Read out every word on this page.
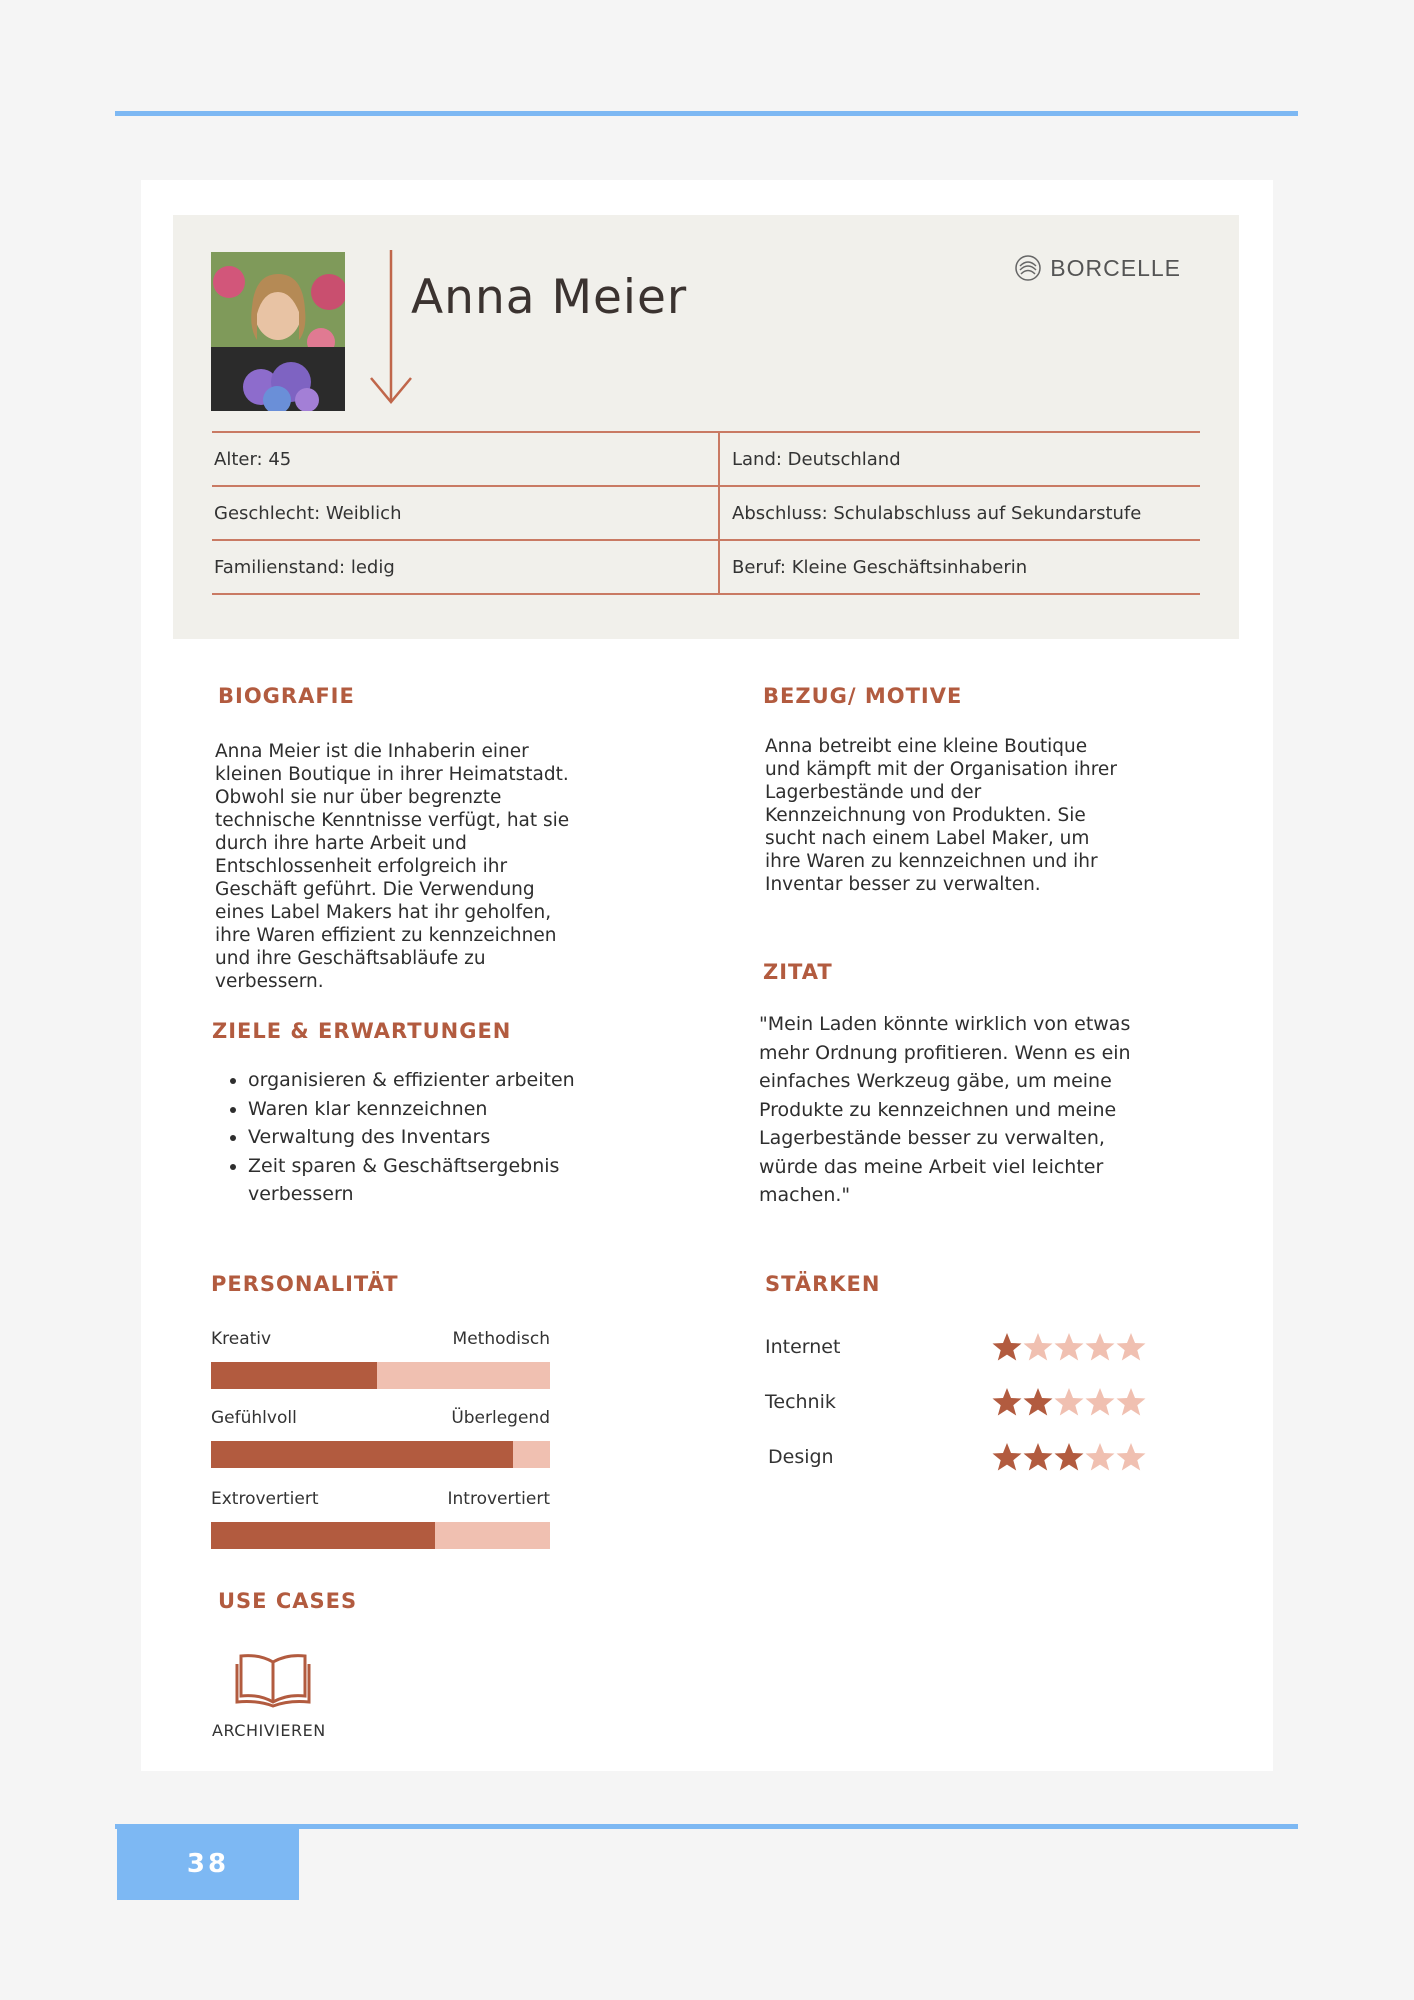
Anna Meier
BORCELLE
Alter: 45	Land: Deutschland
Geschlecht: Weiblich	Abschluss: Schulabschluss auf Sekundarstufe
Familienstand: ledig	Beruf: Kleine Geschäftsinhaberin
BIOGRAFIE
Anna Meier ist die Inhaberin einer
kleinen Boutique in ihrer Heimatstadt.
Obwohl sie nur über begrenzte
technische Kenntnisse verfügt, hat sie
durch ihre harte Arbeit und
Entschlossenheit erfolgreich ihr
Geschäft geführt. Die Verwendung
eines Label Makers hat ihr geholfen,
ihre Waren effizient zu kennzeichnen
und ihre Geschäftsabläufe zu
verbessern.
BEZUG/ MOTIVE
Anna betreibt eine kleine Boutique
und kämpft mit der Organisation ihrer
Lagerbestände und der
Kennzeichnung von Produkten. Sie
sucht nach einem Label Maker, um
ihre Waren zu kennzeichnen und ihr
Inventar besser zu verwalten.
ZIELE & ERWARTUNGEN
• organisieren & effizienter arbeiten
• Waren klar kennzeichnen
• Verwaltung des Inventars
• Zeit sparen & Geschäftsergebnis verbessern
ZITAT
"Mein Laden könnte wirklich von etwas
mehr Ordnung profitieren. Wenn es ein
einfaches Werkzeug gäbe, um meine
Produkte zu kennzeichnen und meine
Lagerbestände besser zu verwalten,
würde das meine Arbeit viel leichter
machen."
PERSONALITÄT
Kreativ	Methodisch
Gefühlvoll	Überlegend
Extrovertiert	Introvertiert
STÄRKEN
Internet
Technik
Design
USE CASES
ARCHIVIEREN
38
